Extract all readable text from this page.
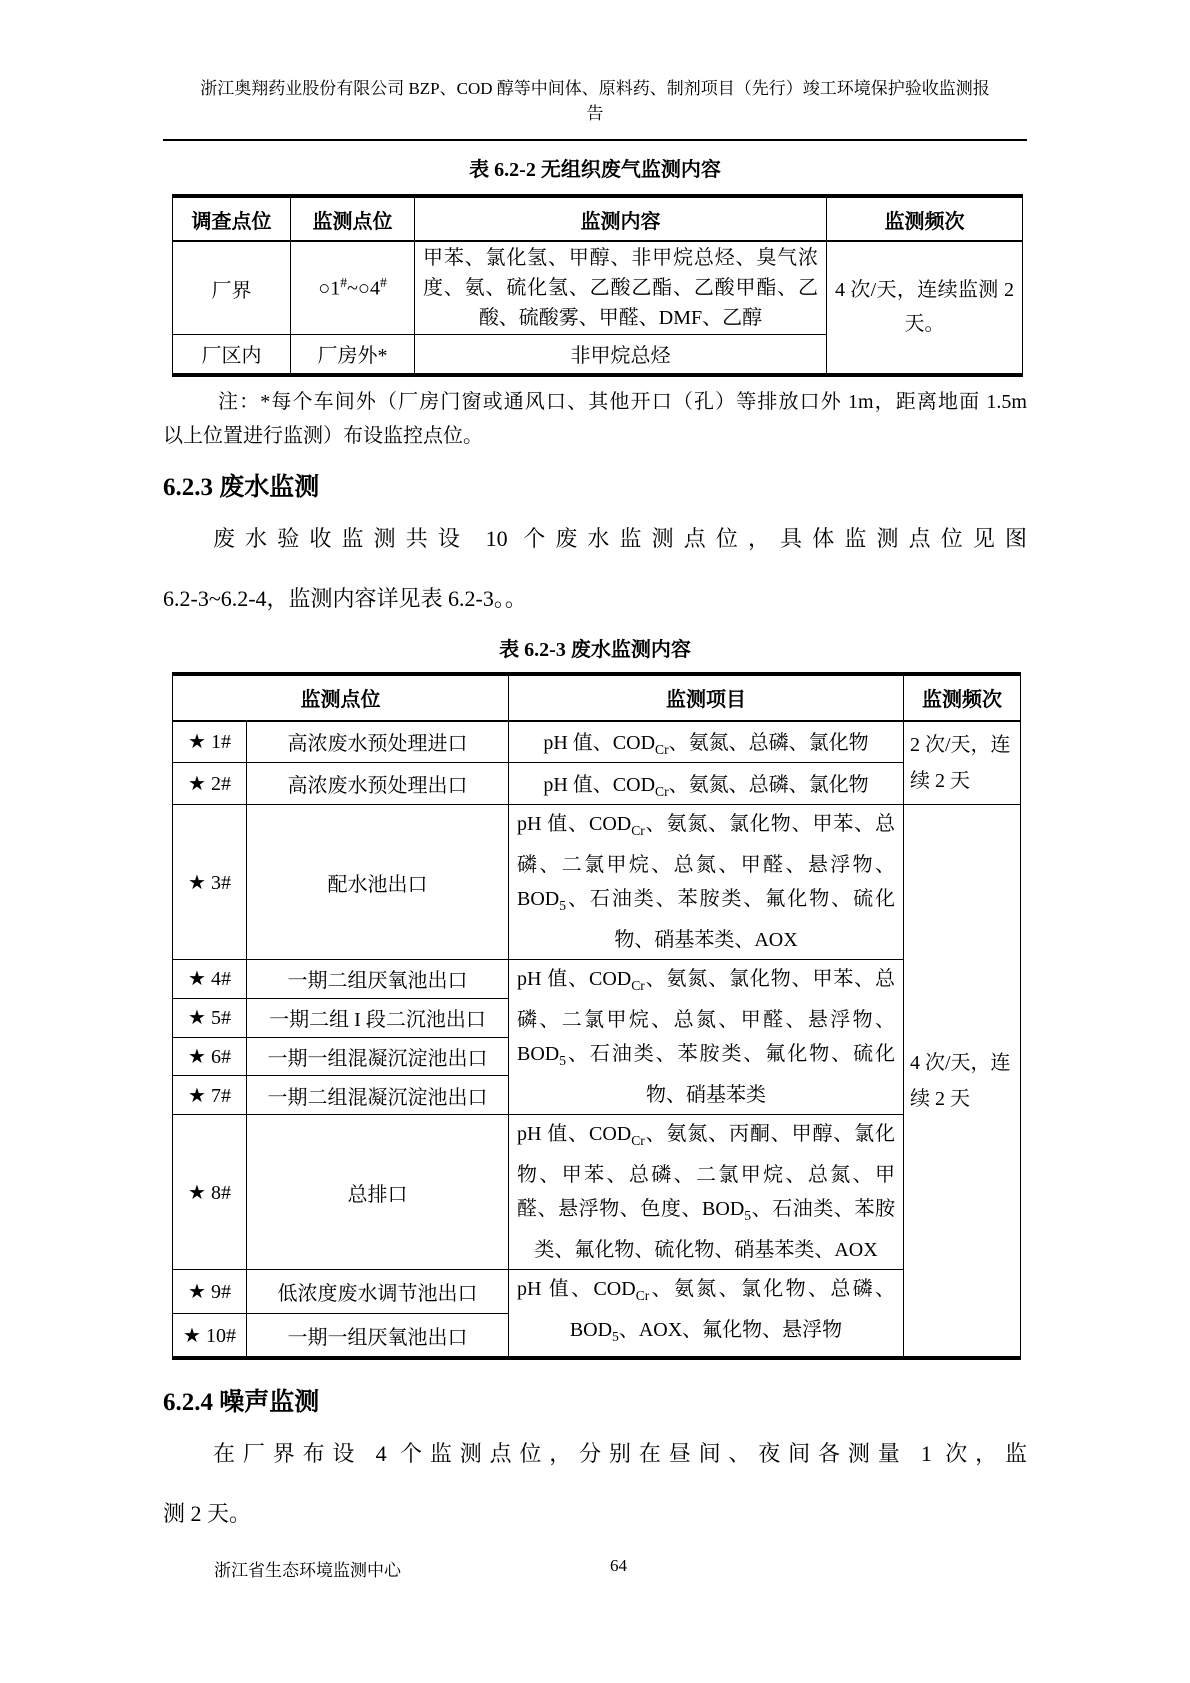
浙江奥翔药业股份有限公司 BZP、COD 醇等中间体、原料药、制剂项目（先行）竣工环境保护验收监测报
告
表 6.2-2 无组织废气监测内容
调查点位	监测点位	监测内容	监测频次
厂界	○1#~○4#	甲苯、氯化氢、甲醇、非甲烷总烃、臭气浓度、氨、硫化氢、乙酸乙酯、乙酸甲酯、乙酸、硫酸雾、甲醛、DMF、乙醇	4 次/天，连续监测 2 天。
厂区内	厂房外*	非甲烷总烃	
注：*每个车间外（厂房门窗或通风口、其他开口（孔）等排放口外 1m，距离地面 1.5m
以上位置进行监测）布设监控点位。
6.2.3 废水监测
废水验收监测共设 10 个废水监测点位，具体监测点位见图
6.2-3~6.2-4，监测内容详见表 6.2-3。。
表 6.2-3 废水监测内容
监测点位		监测项目	监测频次
★ 1#	高浓废水预处理进口	pH 值、$COD_{Cr}$、氨氮、总磷、氯化物	2 次/天，连续 2 天
★ 2#	高浓废水预处理出口	pH 值、$COD_{Cr}$、氨氮、总磷、氯化物	
★ 3#	配水池出口	pH 值、$COD_{Cr}$、氨氮、氯化物、甲苯、总磷、二氯甲烷、总氮、甲醛、悬浮物、$BOD_5$、石油类、苯胺类、氟化物、硫化物、硝基苯类、AOX	4 次/天，连续 2 天
★ 4#	一期二组厌氧池出口	pH 值、$COD_{Cr}$、氨氮、氯化物、甲苯、总磷、二氯甲烷、总氮、甲醛、悬浮物、$BOD_5$、石油类、苯胺类、氟化物、硫化物、硝基苯类	
★ 5#	一期二组 I 段二沉池出口		
★ 6#	一期一组混凝沉淀池出口		
★ 7#	一期二组混凝沉淀池出口		
★ 8#	总排口	pH 值、$COD_{Cr}$、氨氮、丙酮、甲醇、氯化物、甲苯、总磷、二氯甲烷、总氮、甲醛、悬浮物、色度、$BOD_5$、石油类、苯胺类、氟化物、硫化物、硝基苯类、AOX	
★ 9#	低浓度废水调节池出口	pH 值、$COD_{Cr}$、氨氮、氯化物、总磷、$BOD_5$、AOX、氟化物、悬浮物	
★ 10#	一期一组厌氧池出口		
6.2.4 噪声监测
在厂界布设 4 个监测点位，分别在昼间、夜间各测量 1 次，监
测 2 天。
浙江省生态环境监测中心	64
